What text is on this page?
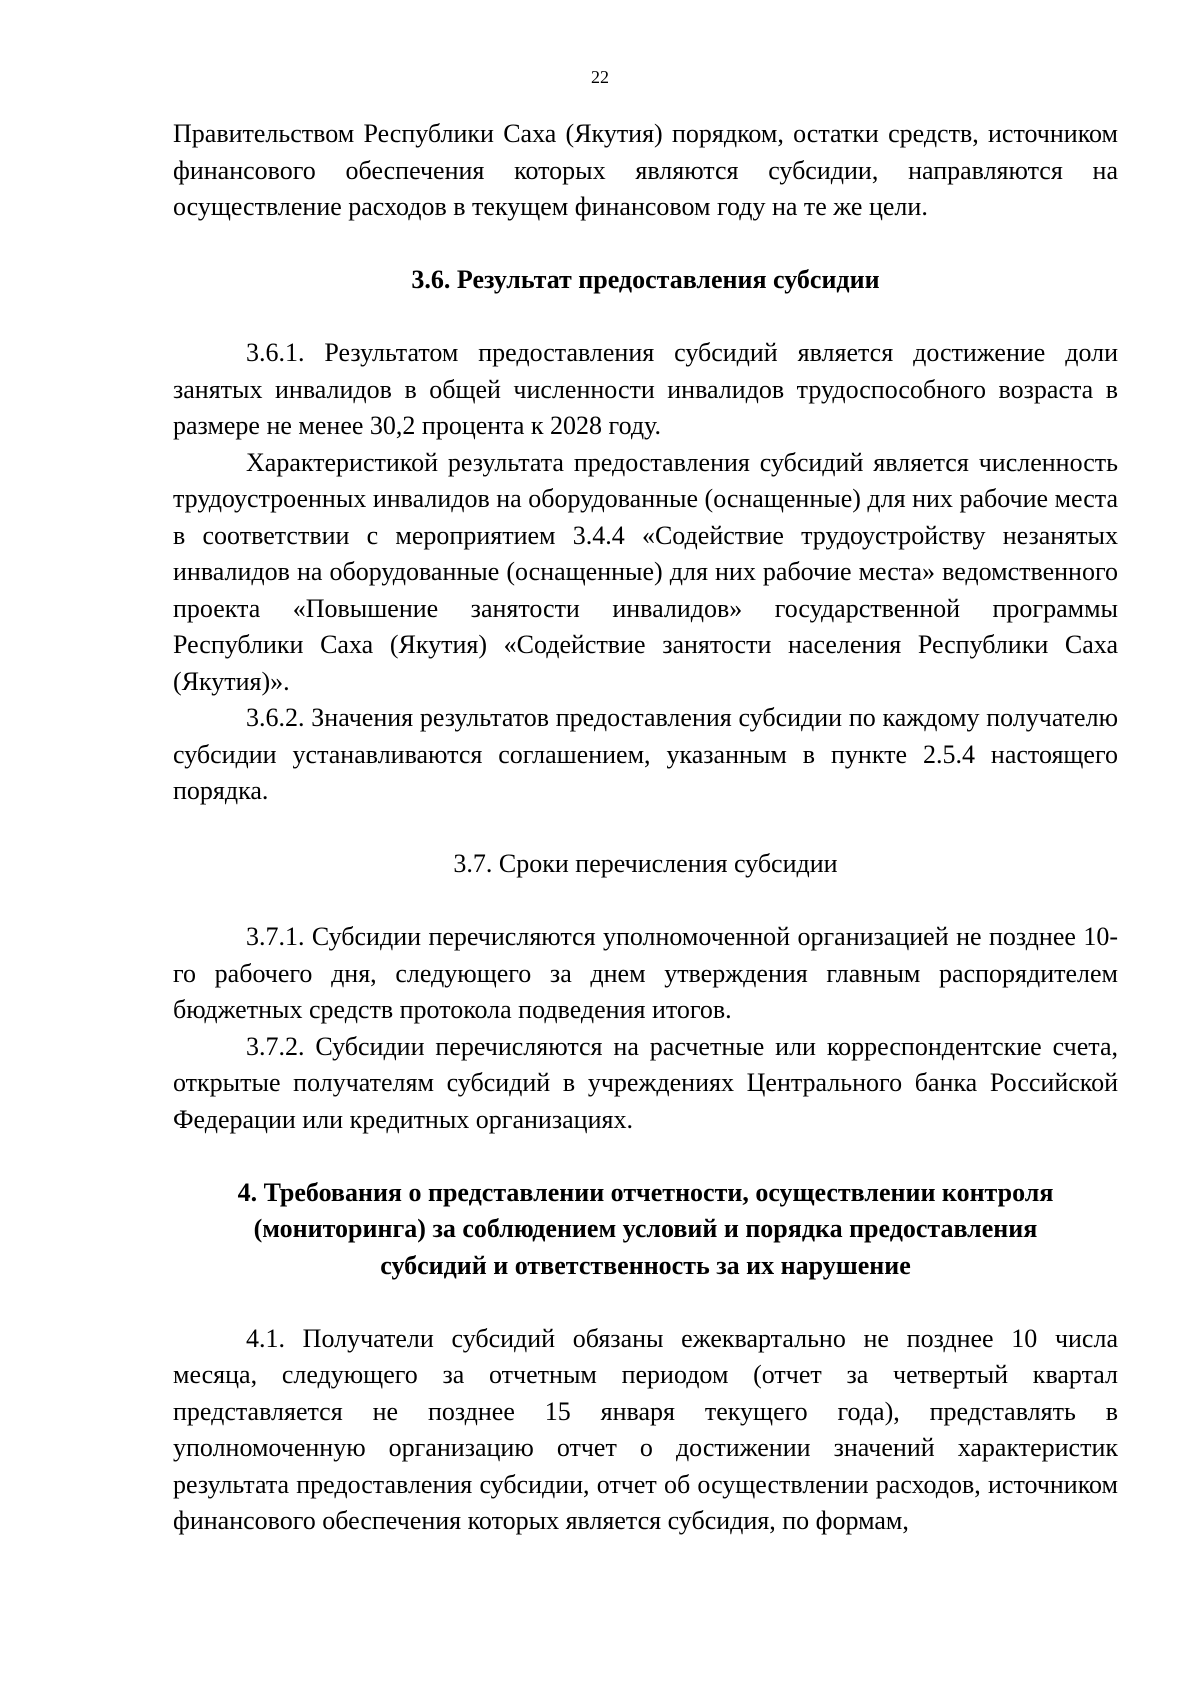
22

Правительством Республики Саха (Якутия) порядком, остатки средств, источником финансового обеспечения которых являются субсидии, направляются на осуществление расходов в текущем финансовом году на те же цели.

3.6. Результат предоставления субсидии

3.6.1. Результатом предоставления субсидий является достижение доли занятых инвалидов в общей численности инвалидов трудоспособного возраста в размере не менее 30,2 процента к 2028 году.

Характеристикой результата предоставления субсидий является численность трудоустроенных инвалидов на оборудованные (оснащенные) для них рабочие места в соответствии с мероприятием 3.4.4 «Содействие трудоустройству незанятых инвалидов на оборудованные (оснащенные) для них рабочие места» ведомственного проекта «Повышение занятости инвалидов» государственной программы Республики Саха (Якутия) «Содействие занятости населения Республики Саха (Якутия)».

3.6.2. Значения результатов предоставления субсидии по каждому получателю субсидии устанавливаются соглашением, указанным в пункте 2.5.4 настоящего порядка.

3.7. Сроки перечисления субсидии

3.7.1. Субсидии перечисляются уполномоченной организацией не позднее 10-го рабочего дня, следующего за днем утверждения главным распорядителем бюджетных средств протокола подведения итогов.

3.7.2. Субсидии перечисляются на расчетные или корреспондентские счета, открытые получателям субсидий в учреждениях Центрального банка Российской Федерации или кредитных организациях.

4. Требования о представлении отчетности, осуществлении контроля
(мониторинга) за соблюдением условий и порядка предоставления
субсидий и ответственность за их нарушение

4.1. Получатели субсидий обязаны ежеквартально не позднее 10 числа месяца, следующего за отчетным периодом (отчет за четвертый квартал представляется не позднее 15 января текущего года), представлять в уполномоченную организацию отчет о достижении значений характеристик результата предоставления субсидии, отчет об осуществлении расходов, источником финансового обеспечения которых является субсидия, по формам,
